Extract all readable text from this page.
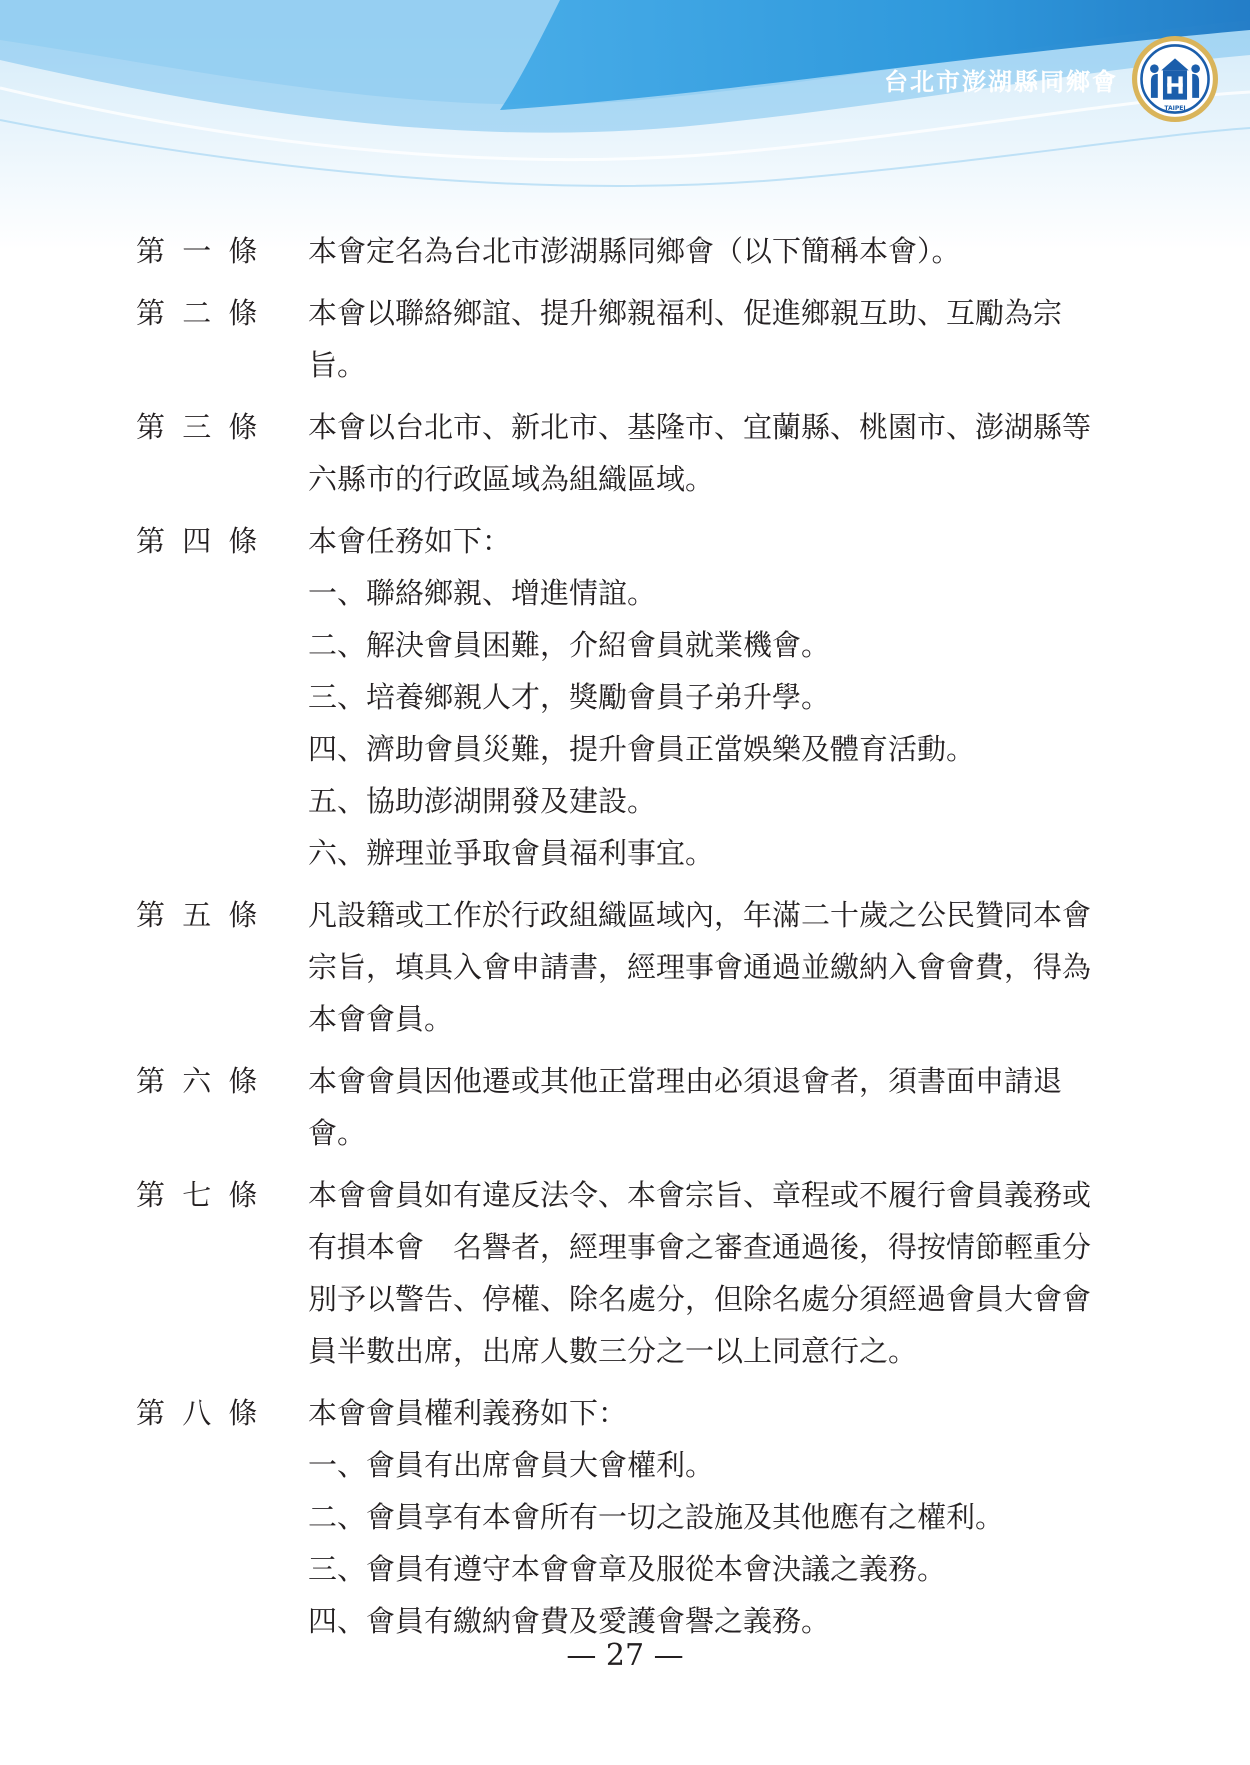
台北市澎湖縣同鄉會
TAIPEI
第 一 條	本會定名為台北市澎湖縣同鄉會（以下簡稱本會）。

第 二 條	本會以聯絡鄉誼、提升鄉親福利、促進鄉親互助、互勵為宗旨。

第 三 條	本會以台北市、新北市、基隆市、宜蘭縣、桃園市、澎湖縣等六縣市的行政區域為組織區域。

第 四 條	本會任務如下：

一、聯絡鄉親、增進情誼。

二、解決會員困難，介紹會員就業機會。

三、培養鄉親人才，獎勵會員子弟升學。

四、濟助會員災難，提升會員正當娛樂及體育活動。

五、協助澎湖開發及建設。

六、辦理並爭取會員福利事宜。

第 五 條	凡設籍或工作於行政組織區域內，年滿二十歲之公民贊同本會宗旨，填具入會申請書，經理事會通過並繳納入會會費，得為本會會員。

第 六 條	本會會員因他遷或其他正當理由必須退會者，須書面申請退會。

第 七 條	本會會員如有違反法令、本會宗旨、章程或不履行會員義務或有損本會　名譽者，經理事會之審查通過後，得按情節輕重分別予以警告、停權、除名處分，但除名處分須經過會員大會會員半數出席，出席人數三分之一以上同意行之。

第 八 條	本會會員權利義務如下：

一、會員有出席會員大會權利。

二、會員享有本會所有一切之設施及其他應有之權利。

三、會員有遵守本會會章及服從本會決議之義務。

四、會員有繳納會費及愛護會譽之義務。

— 27 —
